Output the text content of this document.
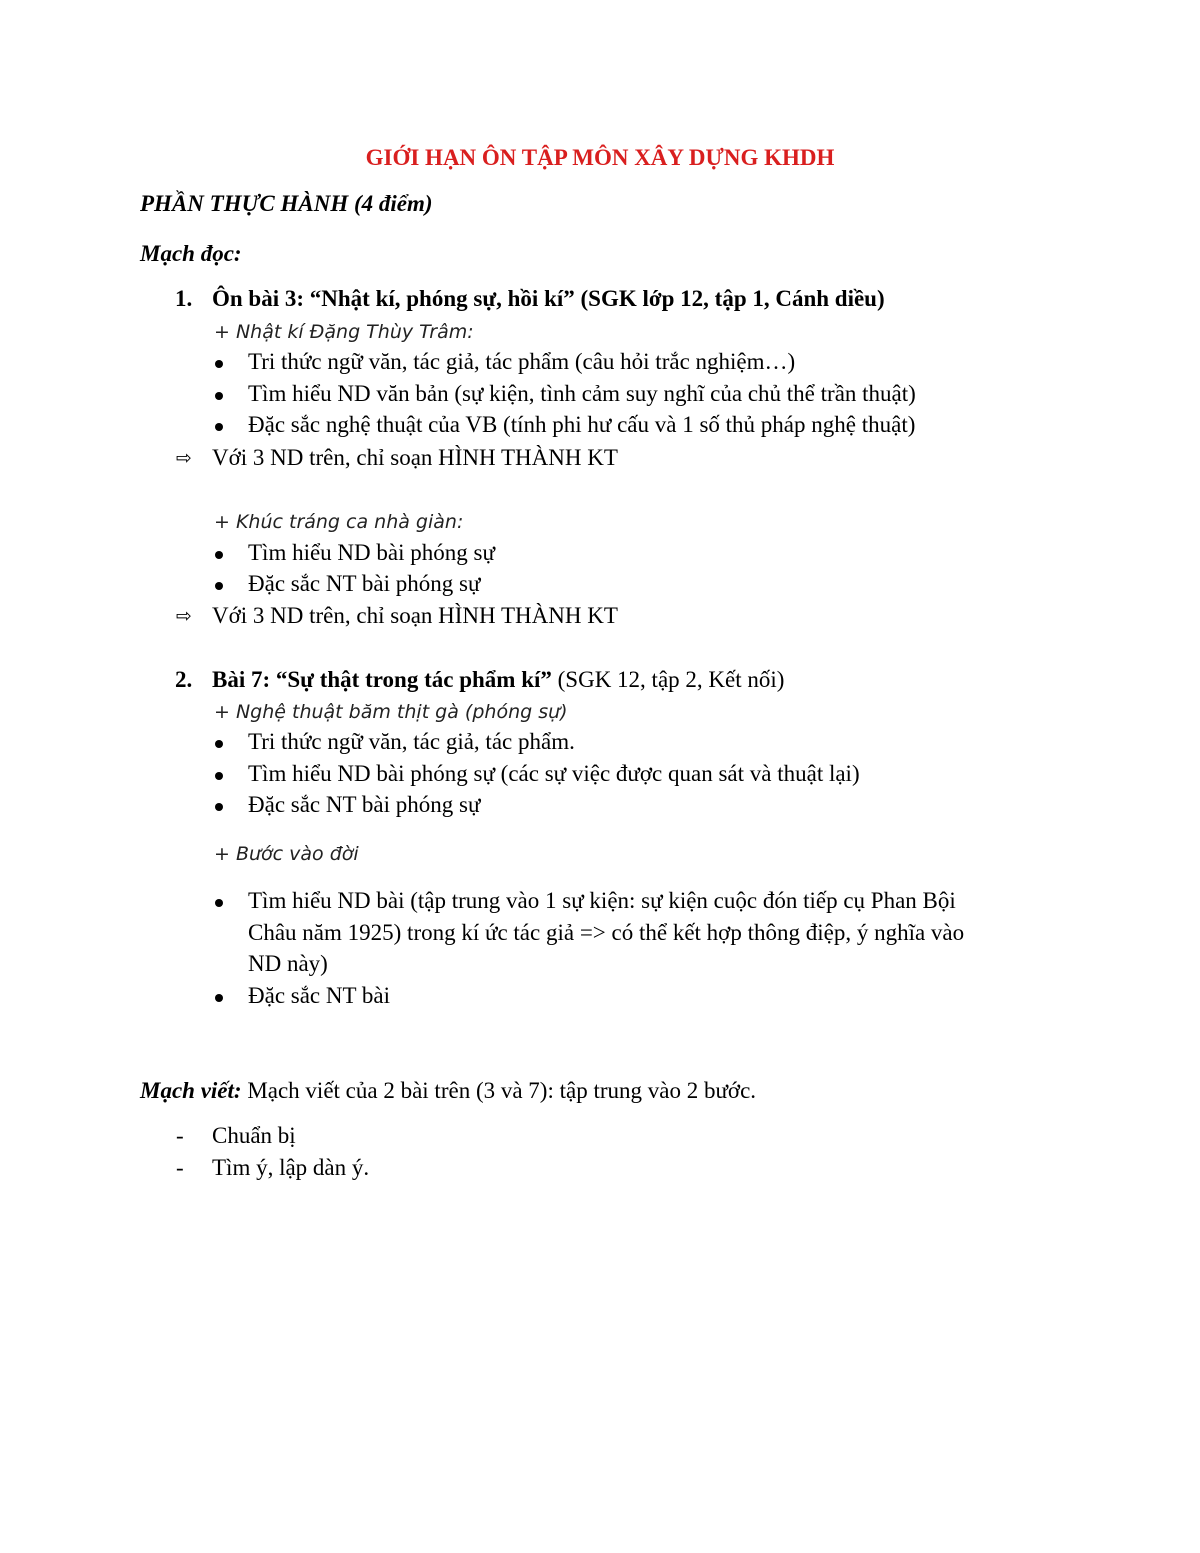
GIỚI HẠN ÔN TẬP MÔN XÂY DỰNG KHDH
PHẦN THỰC HÀNH (4 điểm)
Mạch đọc:
1. Ôn bài 3: “Nhật kí, phóng sự, hồi kí” (SGK lớp 12, tập 1, Cánh diều)
+ Nhật kí Đặng Thùy Trâm:
Tri thức ngữ văn, tác giả, tác phẩm (câu hỏi trắc nghiệm…)
Tìm hiểu ND văn bản (sự kiện, tình cảm suy nghĩ của chủ thể trần thuật)
Đặc sắc nghệ thuật của VB (tính phi hư cấu và 1 số thủ pháp nghệ thuật)
⇨ Với 3 ND trên, chỉ soạn HÌNH THÀNH KT
+ Khúc tráng ca nhà giàn:
Tìm hiểu ND bài phóng sự
Đặc sắc NT bài phóng sự
⇨ Với 3 ND trên, chỉ soạn HÌNH THÀNH KT
2. Bài 7: “Sự thật trong tác phẩm kí” (SGK 12, tập 2, Kết nối)
+ Nghệ thuật băm thịt gà (phóng sự)
Tri thức ngữ văn, tác giả, tác phẩm.
Tìm hiểu ND bài phóng sự (các sự việc được quan sát và thuật lại)
Đặc sắc NT bài phóng sự
+ Bước vào đời
Tìm hiểu ND bài (tập trung vào 1 sự kiện: sự kiện cuộc đón tiếp cụ Phan Bội
Châu năm 1925) trong kí ức tác giả => có thể kết hợp thông điệp, ý nghĩa vào
ND này)
Đặc sắc NT bài
Mạch viết: Mạch viết của 2 bài trên (3 và 7): tập trung vào 2 bước.
- Chuẩn bị
- Tìm ý, lập dàn ý.
